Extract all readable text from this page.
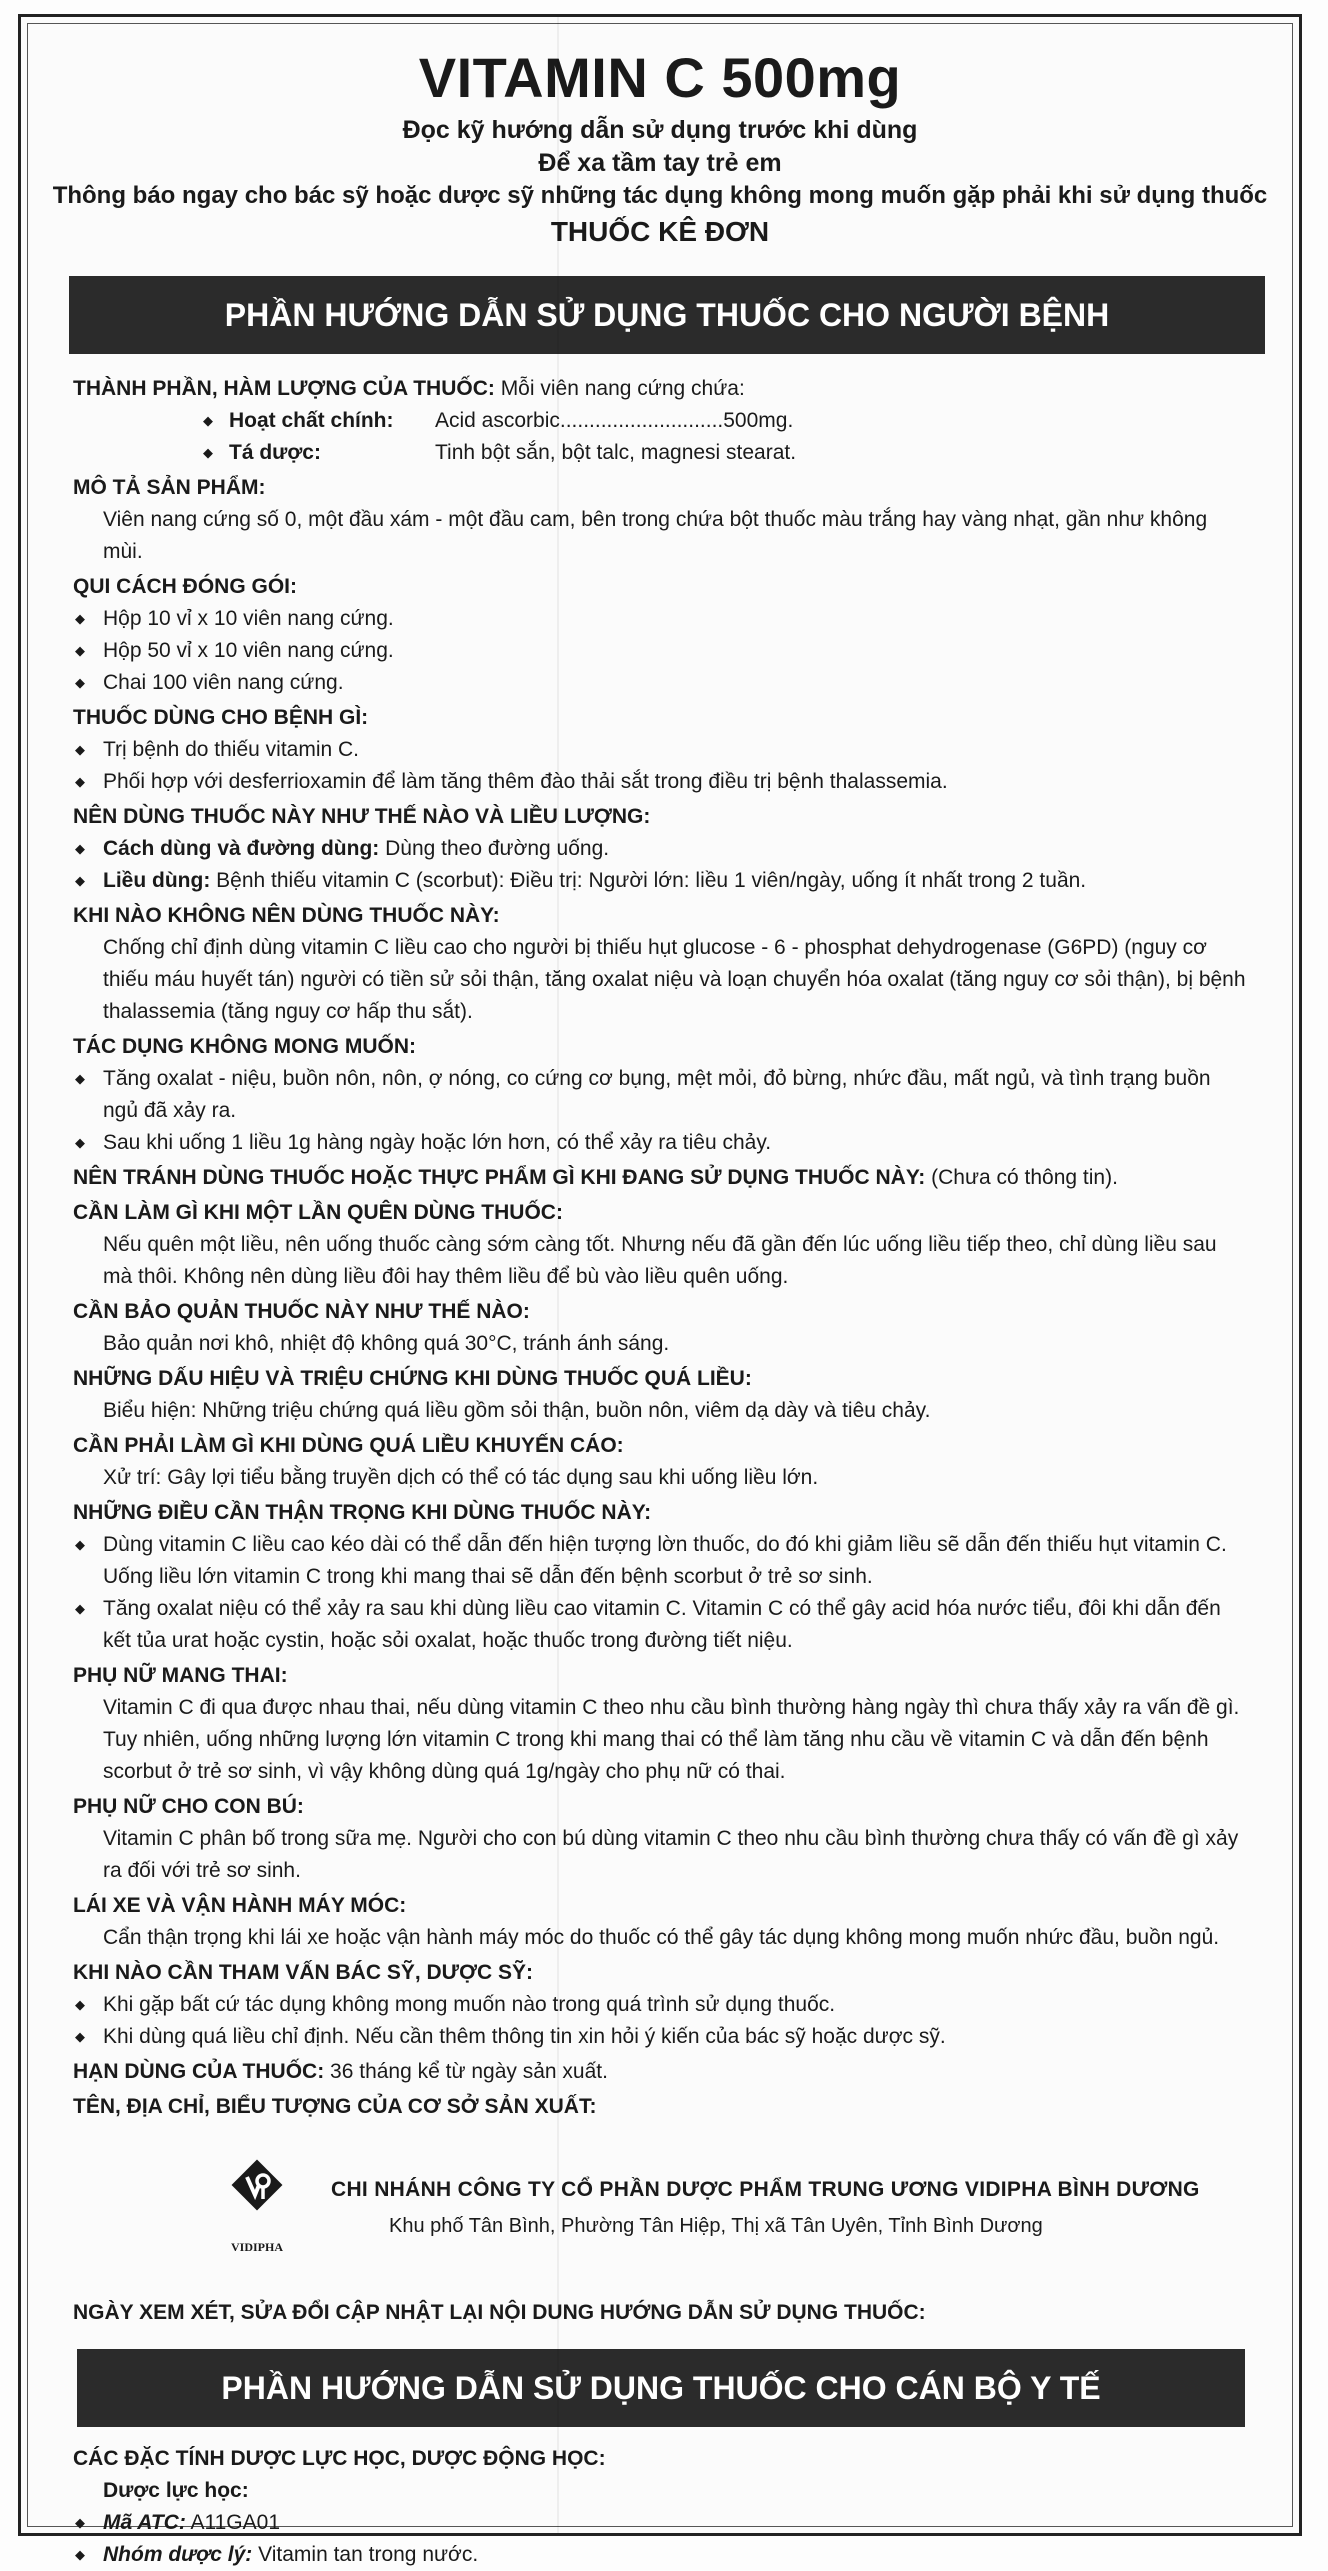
VITAMIN C 500mg
Đọc kỹ hướng dẫn sử dụng trước khi dùng
Để xa tầm tay trẻ em
Thông báo ngay cho bác sỹ hoặc dược sỹ những tác dụng không mong muốn gặp phải khi sử dụng thuốc
THUỐC KÊ ĐƠN
PHẦN HƯỚNG DẪN SỬ DỤNG THUỐC CHO NGƯỜI BỆNH
THÀNH PHẦN, HÀM LƯỢNG CỦA THUỐC: Mỗi viên nang cứng chứa:
◆ Hoạt chất chính: Acid ascorbic............................500mg.
◆ Tá dược:	Tinh bột sắn, bột talc, magnesi stearat.
MÔ TẢ SẢN PHẨM:
Viên nang cứng số 0, một đầu xám - một đầu cam, bên trong chứa bột thuốc màu trắng hay vàng nhạt, gần như không mùi.
QUI CÁCH ĐÓNG GÓI:
◆ Hộp 10 vỉ x 10 viên nang cứng.
◆ Hộp 50 vỉ x 10 viên nang cứng.
◆ Chai 100 viên nang cứng.
THUỐC DÙNG CHO BỆNH GÌ:
◆ Trị bệnh do thiếu vitamin C.
◆ Phối hợp với desferrioxamin để làm tăng thêm đào thải sắt trong điều trị bệnh thalassemia.
NÊN DÙNG THUỐC NÀY NHƯ THẾ NÀO VÀ LIỀU LƯỢNG:
◆ Cách dùng và đường dùng: Dùng theo đường uống.
◆ Liều dùng: Bệnh thiếu vitamin C (scorbut): Điều trị: Người lớn: liều 1 viên/ngày, uống ít nhất trong 2 tuần.
KHI NÀO KHÔNG NÊN DÙNG THUỐC NÀY:
Chống chỉ định dùng vitamin C liều cao cho người bị thiếu hụt glucose - 6 - phosphat dehydrogenase (G6PD) (nguy cơ thiếu máu huyết tán) người có tiền sử sỏi thận, tăng oxalat niệu và loạn chuyển hóa oxalat (tăng nguy cơ sỏi thận), bị bệnh thalassemia (tăng nguy cơ hấp thu sắt).
TÁC DỤNG KHÔNG MONG MUỐN:
◆ Tăng oxalat - niệu, buồn nôn, nôn, ợ nóng, co cứng cơ bụng, mệt mỏi, đỏ bừng, nhức đầu, mất ngủ, và tình trạng buồn ngủ đã xảy ra.
◆ Sau khi uống 1 liều 1g hàng ngày hoặc lớn hơn, có thể xảy ra tiêu chảy.
NÊN TRÁNH DÙNG THUỐC HOẶC THỰC PHẨM GÌ KHI ĐANG SỬ DỤNG THUỐC NÀY: (Chưa có thông tin).
CẦN LÀM GÌ KHI MỘT LẦN QUÊN DÙNG THUỐC:
Nếu quên một liều, nên uống thuốc càng sớm càng tốt. Nhưng nếu đã gần đến lúc uống liều tiếp theo, chỉ dùng liều sau mà thôi. Không nên dùng liều đôi hay thêm liều để bù vào liều quên uống.
CẦN BẢO QUẢN THUỐC NÀY NHƯ THẾ NÀO:
Bảo quản nơi khô, nhiệt độ không quá 30°C, tránh ánh sáng.
NHỮNG DẤU HIỆU VÀ TRIỆU CHỨNG KHI DÙNG THUỐC QUÁ LIỀU:
Biểu hiện: Những triệu chứng quá liều gồm sỏi thận, buồn nôn, viêm dạ dày và tiêu chảy.
CẦN PHẢI LÀM GÌ KHI DÙNG QUÁ LIỀU KHUYẾN CÁO:
Xử trí: Gây lợi tiểu bằng truyền dịch có thể có tác dụng sau khi uống liều lớn.
NHỮNG ĐIỀU CẦN THẬN TRỌNG KHI DÙNG THUỐC NÀY:
◆ Dùng vitamin C liều cao kéo dài có thể dẫn đến hiện tượng lờn thuốc, do đó khi giảm liều sẽ dẫn đến thiếu hụt vitamin C. Uống liều lớn vitamin C trong khi mang thai sẽ dẫn đến bệnh scorbut ở trẻ sơ sinh.
◆ Tăng oxalat niệu có thể xảy ra sau khi dùng liều cao vitamin C. Vitamin C có thể gây acid hóa nước tiểu, đôi khi dẫn đến kết tủa urat hoặc cystin, hoặc sỏi oxalat, hoặc thuốc trong đường tiết niệu.
PHỤ NỮ MANG THAI:
Vitamin C đi qua được nhau thai, nếu dùng vitamin C theo nhu cầu bình thường hàng ngày thì chưa thấy xảy ra vấn đề gì. Tuy nhiên, uống những lượng lớn vitamin C trong khi mang thai có thể làm tăng nhu cầu về vitamin C và dẫn đến bệnh scorbut ở trẻ sơ sinh, vì vậy không dùng quá 1g/ngày cho phụ nữ có thai.
PHỤ NỮ CHO CON BÚ:
Vitamin C phân bố trong sữa mẹ. Người cho con bú dùng vitamin C theo nhu cầu bình thường chưa thấy có vấn đề gì xảy ra đối với trẻ sơ sinh.
LÁI XE VÀ VẬN HÀNH MÁY MÓC:
Cẩn thận trọng khi lái xe hoặc vận hành máy móc do thuốc có thể gây tác dụng không mong muốn nhức đầu, buồn ngủ.
KHI NÀO CẦN THAM VẤN BÁC SỸ, DƯỢC SỸ:
◆ Khi gặp bất cứ tác dụng không mong muốn nào trong quá trình sử dụng thuốc.
◆ Khi dùng quá liều chỉ định. Nếu cần thêm thông tin xin hỏi ý kiến của bác sỹ hoặc dược sỹ.
HẠN DÙNG CỦA THUỐC: 36 tháng kể từ ngày sản xuất.
TÊN, ĐỊA CHỈ, BIỂU TƯỢNG CỦA CƠ SỞ SẢN XUẤT:
VIDIPHA
CHI NHÁNH CÔNG TY CỔ PHẦN DƯỢC PHẨM TRUNG ƯƠNG VIDIPHA BÌNH DƯƠNG
Khu phố Tân Bình, Phường Tân Hiệp, Thị xã Tân Uyên, Tỉnh Bình Dương
NGÀY XEM XÉT, SỬA ĐỔI CẬP NHẬT LẠI NỘI DUNG HƯỚNG DẪN SỬ DỤNG THUỐC:
PHẦN HƯỚNG DẪN SỬ DỤNG THUỐC CHO CÁN BỘ Y TẾ
CÁC ĐẶC TÍNH DƯỢC LỰC HỌC, DƯỢC ĐỘNG HỌC:
Dược lực học:
◆ Mã ATC: A11GA01
◆ Nhóm dược lý: Vitamin tan trong nước.
